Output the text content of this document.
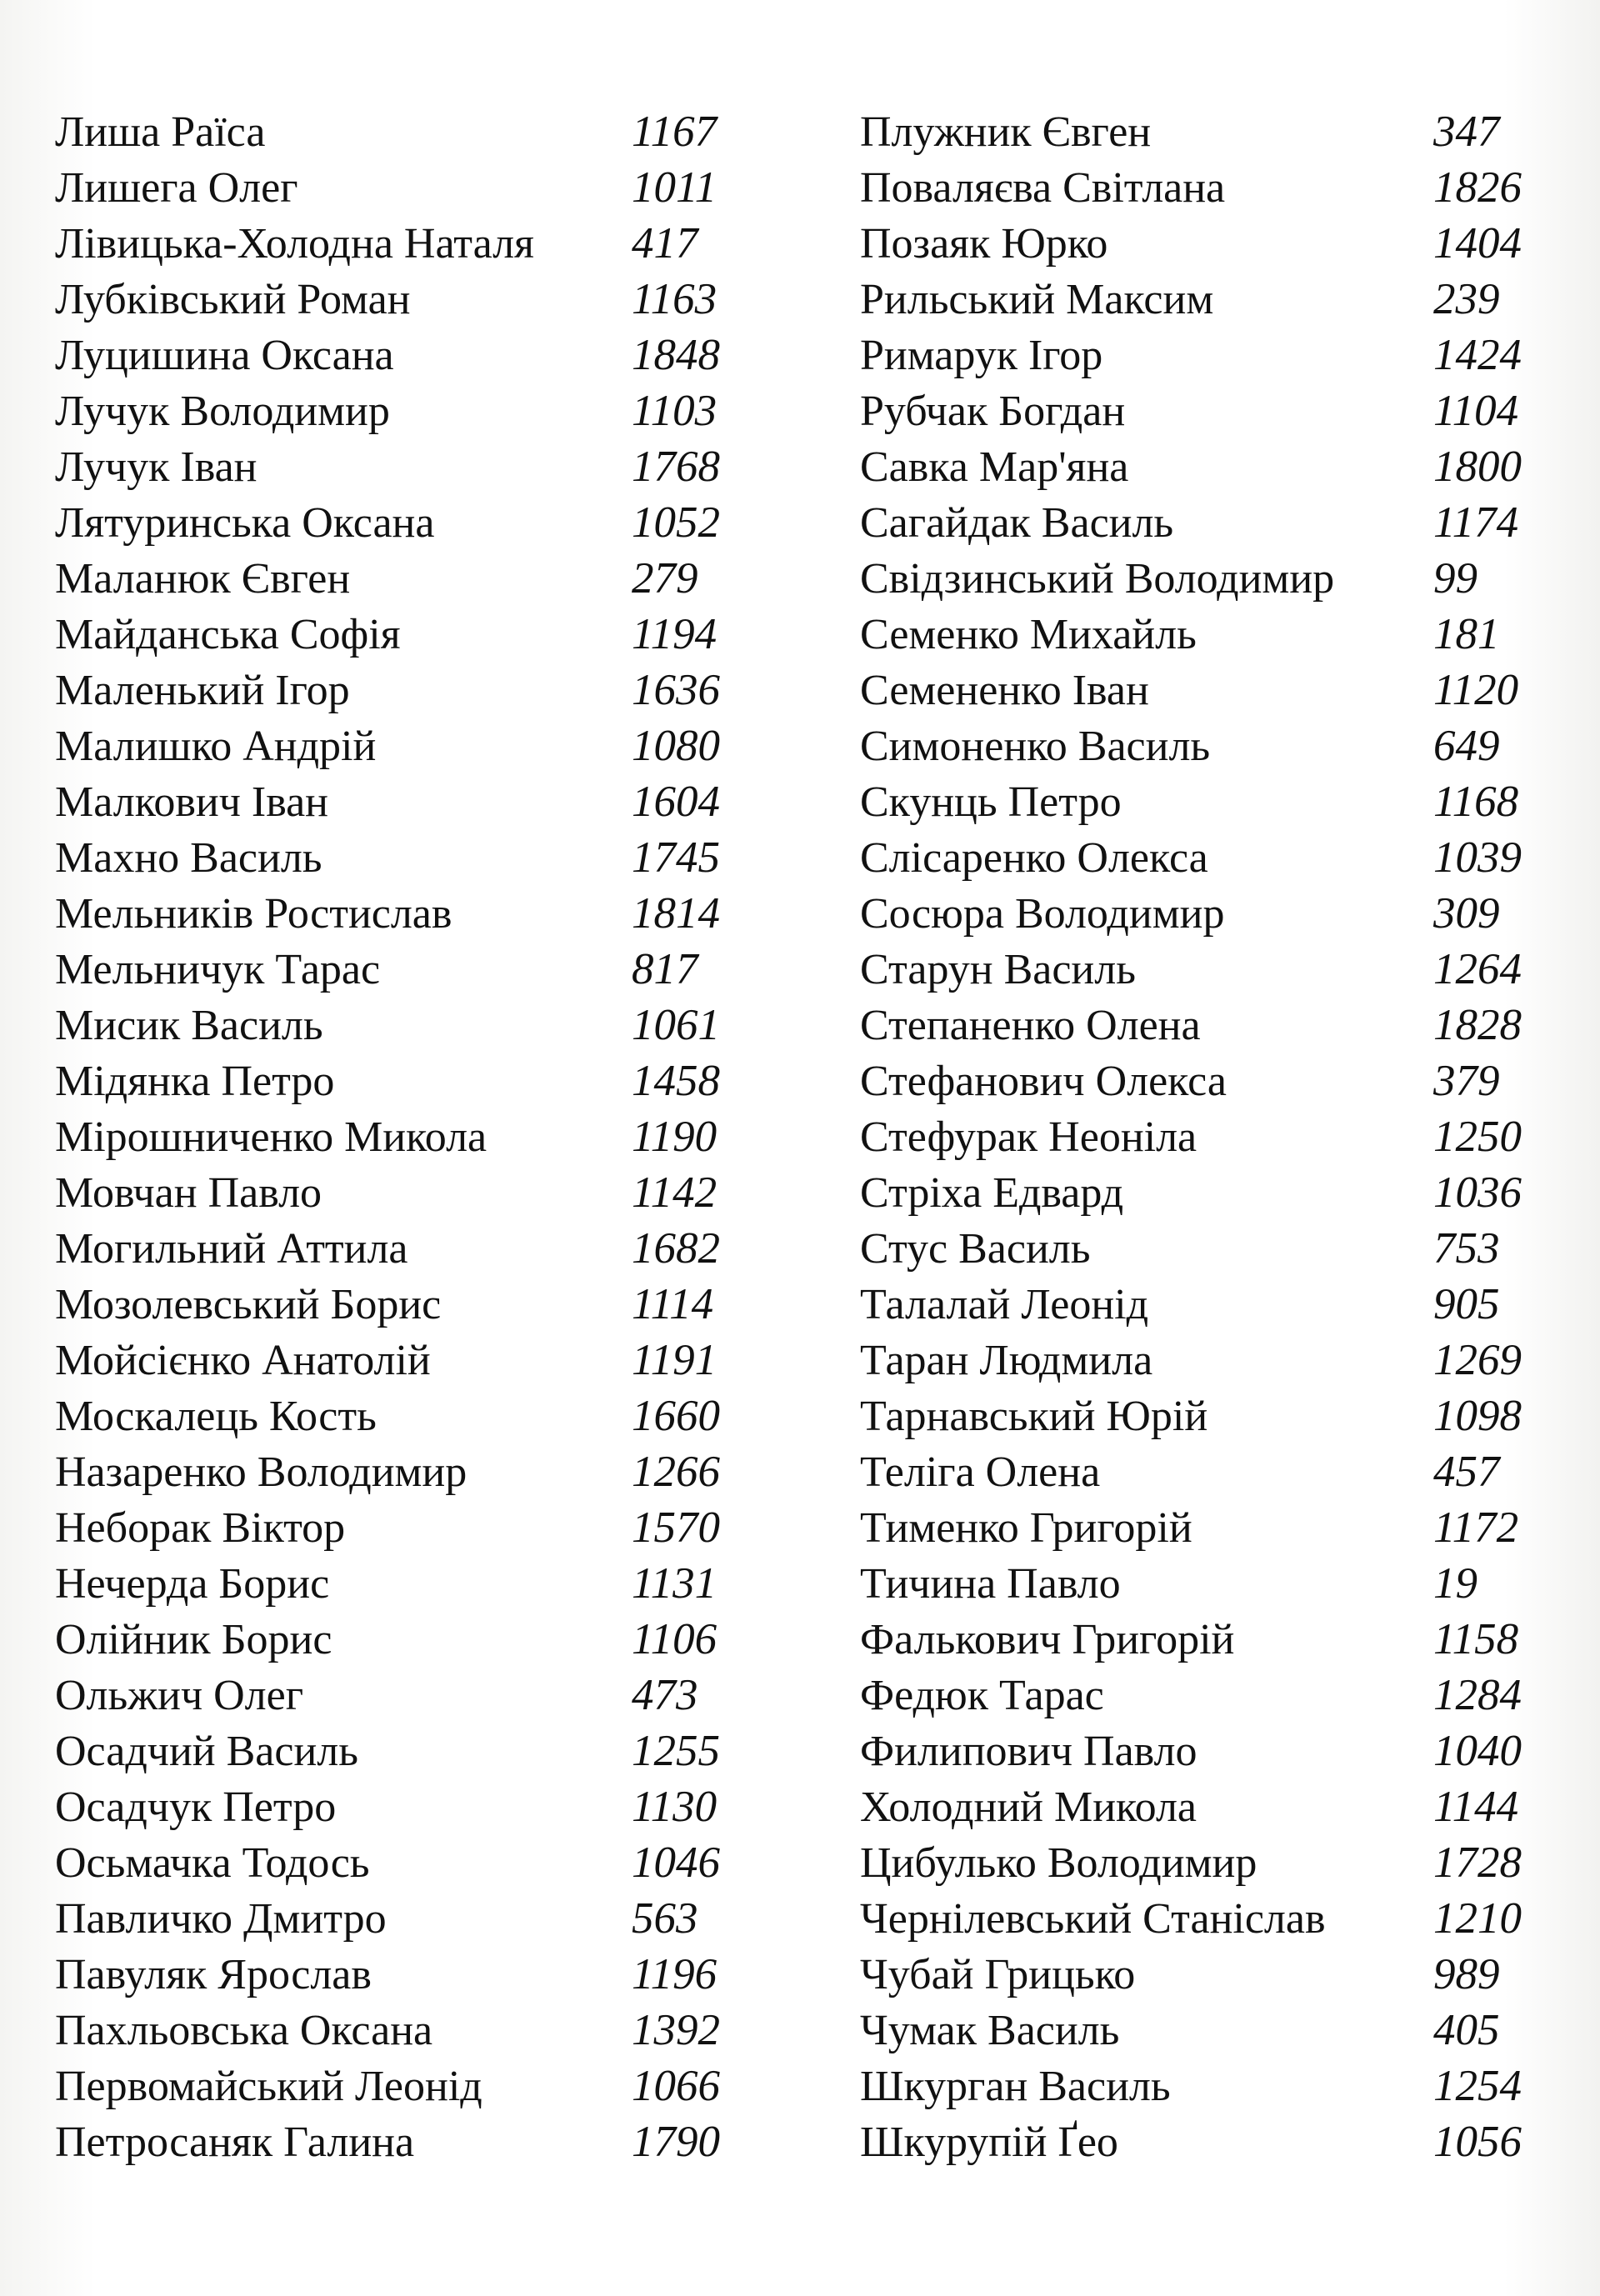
Лиша Раїса	1167
Лишега Олег	1011
Лівицька-Холодна Наталя 417
Лубківський Роман	1163
Луцишина Оксана	1848
Лучук Володимир	1103
Лучук Іван	1768
Лятуринська Оксана	1052
Маланюк Євген	279
Майданська Софія	1194
Маленький Ігор	1636
Малишко Андрій	1080
Малкович Іван	1604
Махно Василь	1745
Мельників Ростислав	1814
Мельничук Тарас	817
Мисик Василь	1061
Мідянка Петро	1458
Мірошниченко Микола	1190
Мовчан Павло	1142
Могильний Аттила	1682
Мозолевський Борис	1114
Мойсієнко Анатолій	1191
Москалець Кость	1660
Назаренко Володимир	1266
Неборак Віктор	1570
Нечерда Борис	1131
Олійник Борис	1106
Ольжич Олег	473
Осадчий Василь	1255
Осадчук Петро	1130
Осьмачка Тодось	1046
Павличко Дмитро	563
Павуляк Ярослав	1196
Пахльовська Оксана	1392
Первомайський Леонід	1066
Петросаняк Галина	1790
Плужник Євген	347
Поваляєва Світлана	1826
Позаяк Юрко	1404
Рильський Максим	239
Римарук Ігор	1424
Рубчак Богдан	1104
Савка Мар'яна	1800
Сагайдак Василь	1174
Свідзинський Володимир 99
Семенко Михайль	181
Семененко Іван	1120
Симоненко Василь	649
Скунць Петро	1168
Слісаренко Олекса	1039
Сосюра Володимир	309
Старун Василь	1264
Степаненко Олена	1828
Стефанович Олекса	379
Стефурак Неоніла	1250
Стріха Едвард	1036
Стус Василь	753
Талалай Леонід	905
Таран Людмила	1269
Тарнавський Юрій	1098
Теліга Олена	457
Тименко Григорій	1172
Тичина Павло	19
Фалькович Григорій	1158
Федюк Тарас	1284
Филипович Павло	1040
Холодний Микола	1144
Цибулько Володимир	1728
Чернілевський Станіслав 1210
Чубай Грицько	989
Чумак Василь	405
Шкурган Василь	1254
Шкурупій Ґео	1056
